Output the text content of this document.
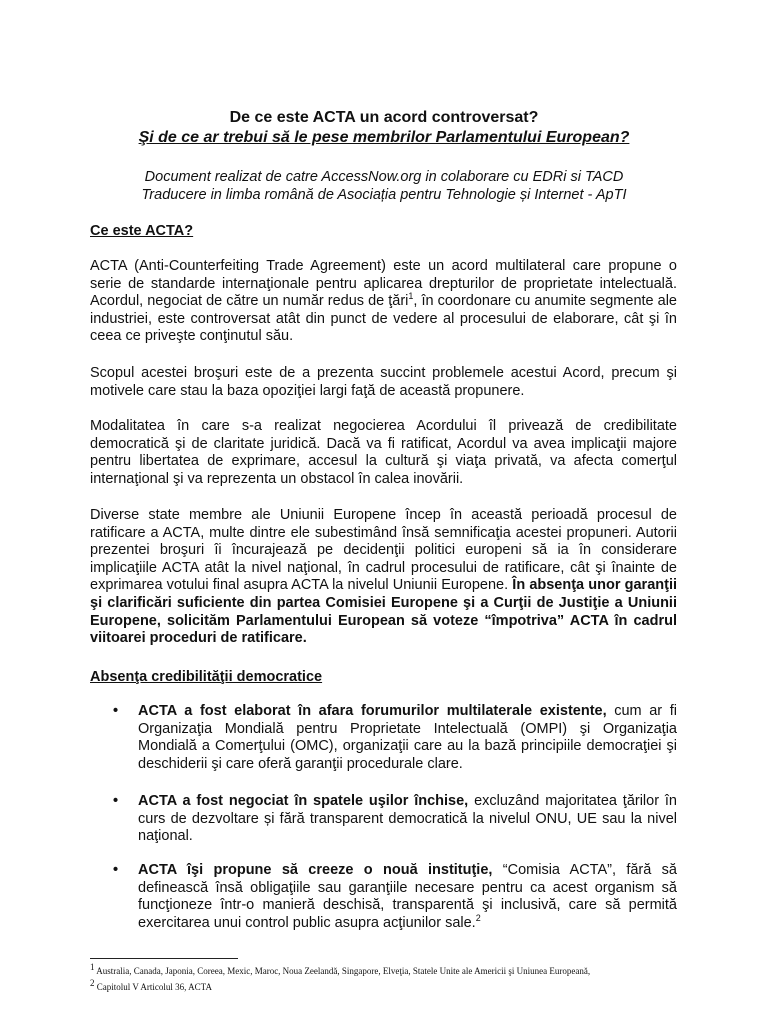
De ce este ACTA un acord controversat?

Şi de ce ar trebui să le pese membrilor Parlamentului European?

Document realizat de catre AccessNow.org in colaborare cu EDRi si TACD

Traducere in limba română de Asociația pentru Tehnologie și Internet - ApTI

Ce este ACTA?

ACTA (Anti-Counterfeiting Trade Agreement) este un acord multilateral care propune o serie de standarde internaţionale pentru aplicarea drepturilor de proprietate intelectuală. Acordul, negociat de către un număr redus de ţări$^1$, în coordonare cu anumite segmente ale industriei, este controversat atât din punct de vedere al procesului de elaborare, cât şi în ceea ce priveşte conţinutul său.

Scopul acestei broşuri este de a prezenta succint problemele acestui Acord, precum şi motivele care stau la baza opoziţiei largi faţă de această propunere.

Modalitatea în care s-a realizat negocierea Acordului îl privează de credibilitate democratică şi de claritate juridică. Dacă va fi ratificat, Acordul va avea implicaţii majore pentru libertatea de exprimare, accesul la cultură şi viaţa privată, va afecta comerţul internaţional şi va reprezenta un obstacol în calea inovării.

Diverse state membre ale Uniunii Europene încep în această perioadă procesul de ratificare a ACTA, multe dintre ele subestimând însă semnificaţia acestei propuneri. Autorii prezentei broşuri îi încurajează pe decidenţii politici europeni să ia în considerare implicaţiile ACTA atât la nivel naţional, în cadrul procesului de ratificare, cât şi înainte de exprimarea votului final asupra ACTA la nivelul Uniunii Europene. În absenţa unor garanţii şi clarificări suficiente din partea Comisiei Europene şi a Curţii de Justiţie a Uniunii Europene, solicităm Parlamentului European să voteze “împotriva” ACTA în cadrul viitoarei proceduri de ratificare.

Absenţa credibilităţii democratice

• ACTA a fost elaborat în afara forumurilor multilaterale existente, cum ar fi Organizaţia Mondială pentru Proprietate Intelectuală (OMPI) şi Organizaţia Mondială a Comerţului (OMC), organizaţii care au la bază principiile democraţiei şi deschiderii şi care oferă garanţii procedurale clare.

• ACTA a fost negociat în spatele uşilor închise, excluzând majoritatea ţărilor în curs de dezvoltare și fără transparent democratică la nivelul ONU, UE sau la nivel naţional.

• ACTA îşi propune să creeze o nouă instituţie, “Comisia ACTA”, fără să definească însă obligaţiile sau garanţiile necesare pentru ca acest organism să funcţioneze într-o manieră deschisă, transparentă şi inclusivă, care să permită exercitarea unui control public asupra acţiunilor sale.$^2$

$^1$ Australia, Canada, Japonia, Coreea, Mexic, Maroc, Noua Zeelandă, Singapore, Elveţia, Statele Unite ale Americii şi Uniunea Europeană,

$^2$ Capitolul V Articolul 36, ACTA
